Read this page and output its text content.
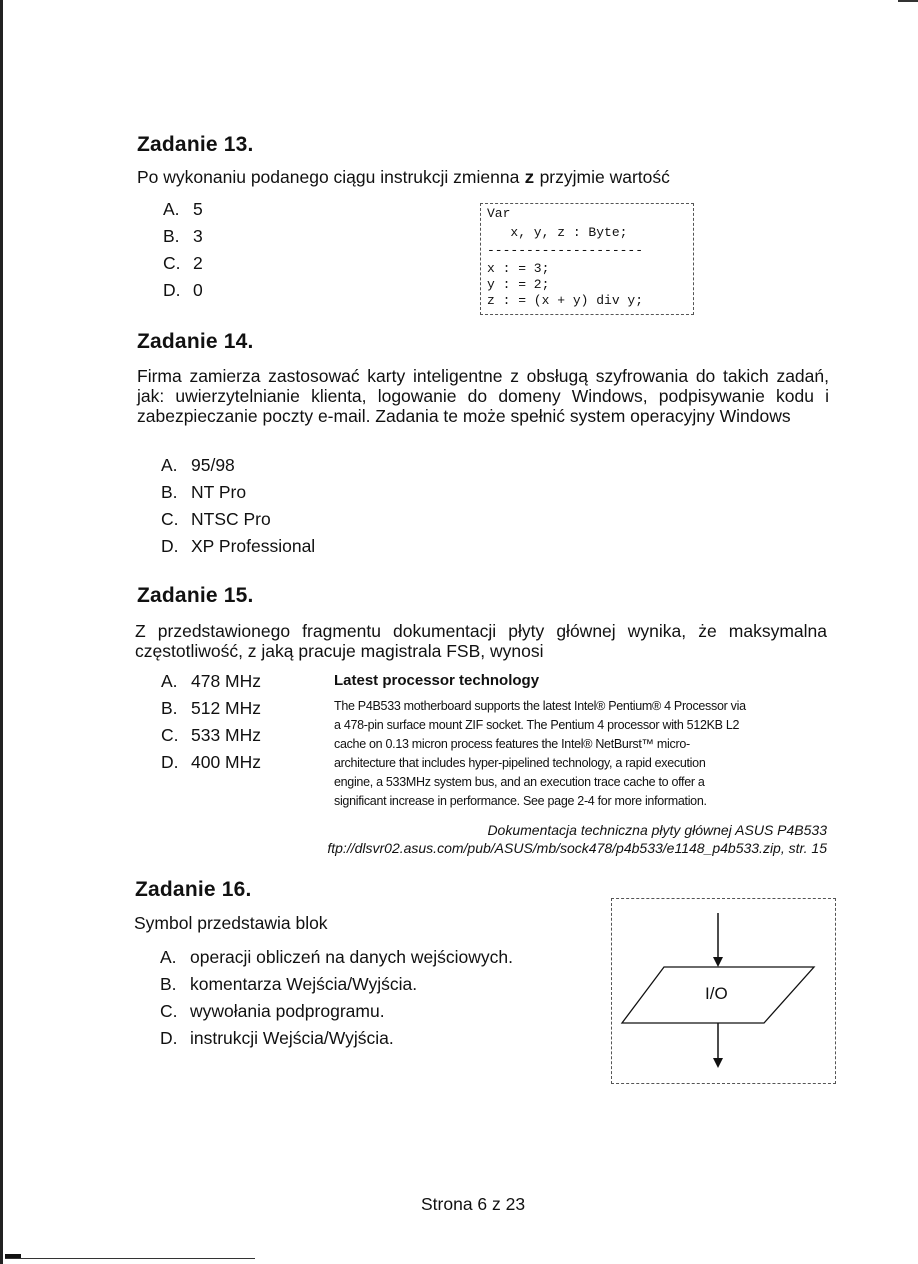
Zadanie 13.
Po wykonaniu podanego ciągu instrukcji zmienna z przyjmie wartość
A. 5
B. 3
C. 2
D. 0
Var
x, y, z : Byte;
--------------------
x : = 3;
y : = 2;
z : = (x + y) div y;
Zadanie 14.
Firma zamierza zastosować karty inteligentne z obsługą szyfrowania do takich zadań, jak: uwierzytelnianie klienta, logowanie do domeny Windows, podpisywanie kodu i zabezpieczanie poczty e-mail. Zadania te może spełnić system operacyjny Windows
A. 95/98
B. NT Pro
C. NTSC Pro
D. XP Professional
Zadanie 15.
Z przedstawionego fragmentu dokumentacji płyty głównej wynika, że maksymalna częstotliwość, z jaką pracuje magistrala FSB, wynosi
A. 478 MHz
B. 512 MHz
C. 533 MHz
D. 400 MHz
Latest processor technology
The P4B533 motherboard supports the latest Intel® Pentium® 4 Processor via
a 478-pin surface mount ZIF socket. The Pentium 4 processor with 512KB L2
cache on 0.13 micron process features the Intel® NetBurst™ micro-
architecture that includes hyper-pipelined technology, a rapid execution
engine, a 533MHz system bus, and an execution trace cache to offer a
significant increase in performance. See page 2-4 for more information.
Dokumentacja techniczna płyty głównej ASUS P4B533
ftp://dlsvr02.asus.com/pub/ASUS/mb/sock478/p4b533/e1148_p4b533.zip, str. 15
Zadanie 16.
Symbol przedstawia blok
A. operacji obliczeń na danych wejściowych.
B. komentarza Wejścia/Wyjścia.
C. wywołania podprogramu.
D. instrukcji Wejścia/Wyjścia.
I/O
Strona 6 z 23
